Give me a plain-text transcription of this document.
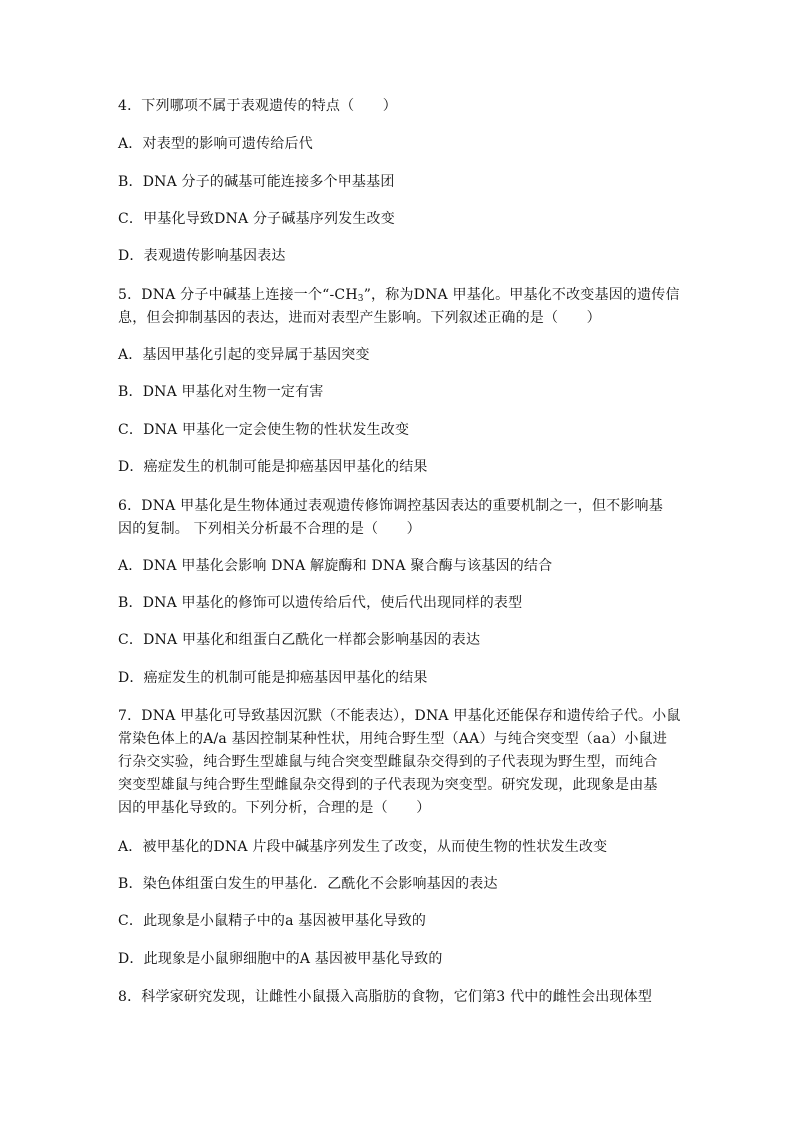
4．下列哪项不属于表观遗传的特点（　　）
A．对表型的影响可遗传给后代
B．DNA 分子的碱基可能连接多个甲基基团
C．甲基化导致DNA 分子碱基序列发生改变
D．表观遗传影响基因表达
5．DNA 分子中碱基上连接一个“$-CH_3$”，称为DNA 甲基化。甲基化不改变基因的遗传信
息，但会抑制基因的表达，进而对表型产生影响。下列叙述正确的是（　　）
A．基因甲基化引起的变异属于基因突变
B．DNA 甲基化对生物一定有害
C．DNA 甲基化一定会使生物的性状发生改变
D．癌症发生的机制可能是抑癌基因甲基化的结果
6．DNA 甲基化是生物体通过表观遗传修饰调控基因表达的重要机制之一，但不影响基
因的复制。 下列相关分析最不合理的是（　　）
A．DNA 甲基化会影响 DNA 解旋酶和 DNA 聚合酶与该基因的结合
B．DNA 甲基化的修饰可以遗传给后代，使后代出现同样的表型
C．DNA 甲基化和组蛋白乙酰化一样都会影响基因的表达
D．癌症发生的机制可能是抑癌基因甲基化的结果
7．DNA 甲基化可导致基因沉默（不能表达），DNA 甲基化还能保存和遗传给子代。小鼠
常染色体上的A/a 基因控制某种性状，用纯合野生型（AA）与纯合突变型（aa）小鼠进
行杂交实验，纯合野生型雄鼠与纯合突变型雌鼠杂交得到的子代表现为野生型，而纯合
突变型雄鼠与纯合野生型雌鼠杂交得到的子代表现为突变型。研究发现，此现象是由基
因的甲基化导致的。下列分析，合理的是（　　）
A．被甲基化的DNA 片段中碱基序列发生了改变，从而使生物的性状发生改变
B．染色体组蛋白发生的甲基化．乙酰化不会影响基因的表达
C．此现象是小鼠精子中的a 基因被甲基化导致的
D．此现象是小鼠卵细胞中的A 基因被甲基化导致的
8．科学家研究发现，让雌性小鼠摄入高脂肪的食物，它们第3 代中的雌性会出现体型
